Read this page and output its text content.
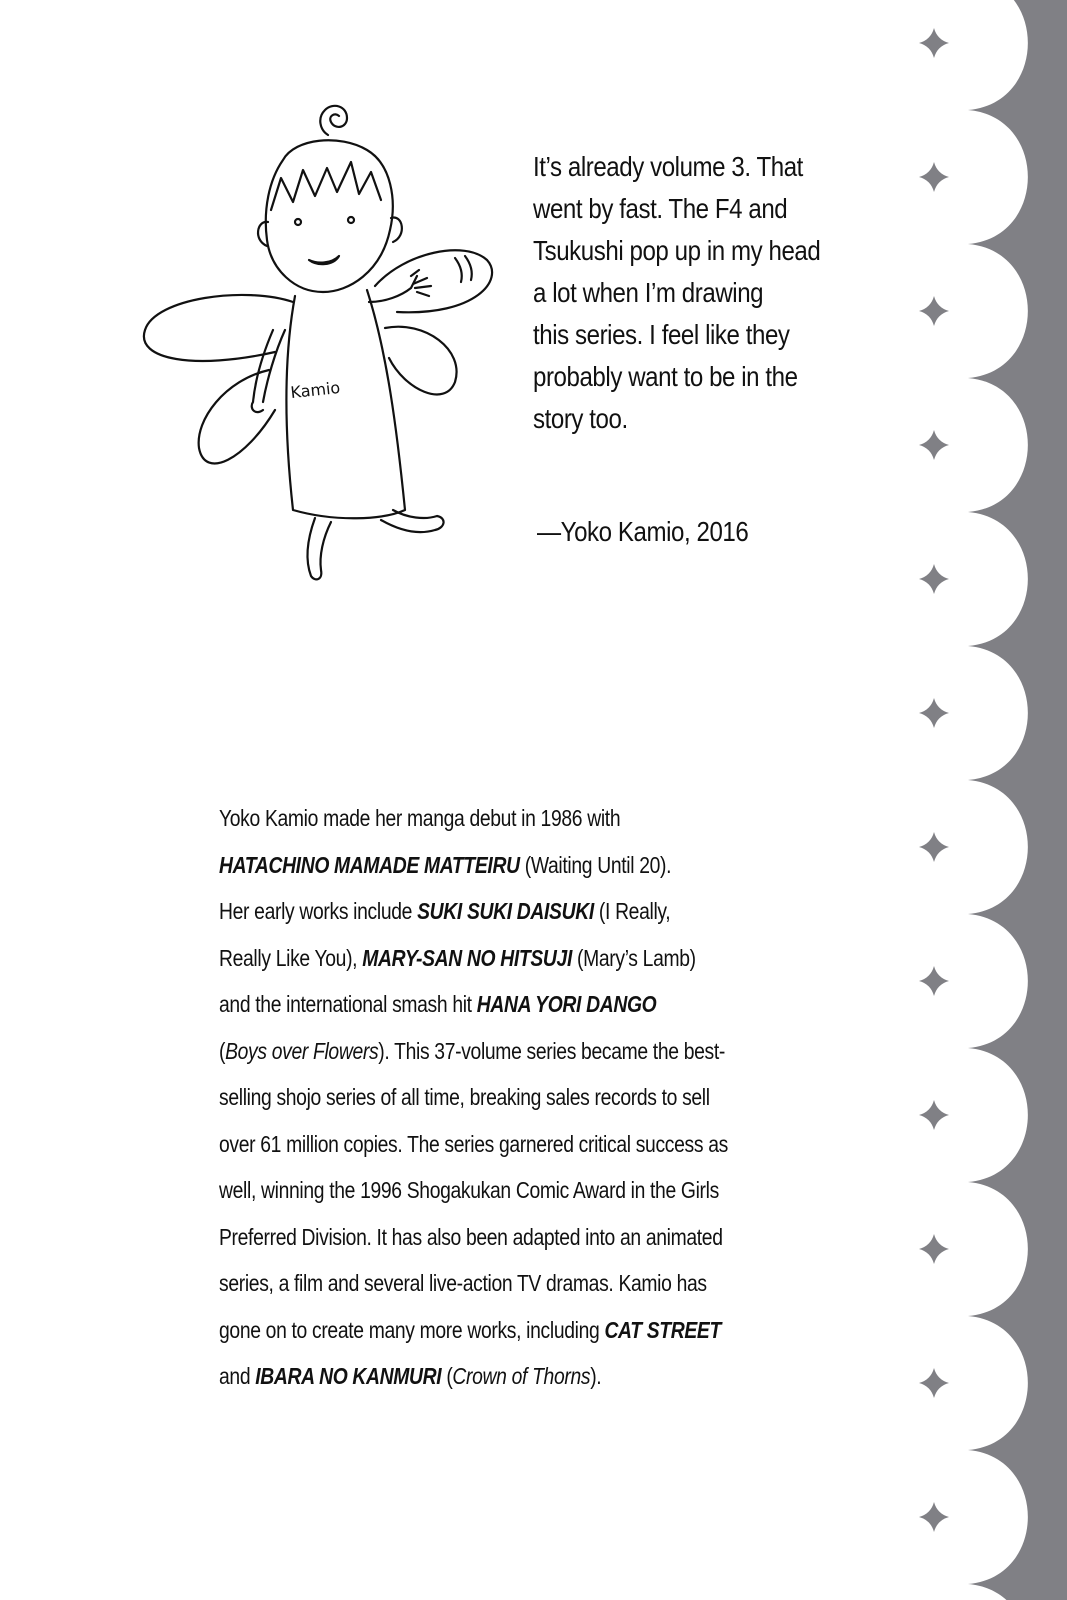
Kamio
It’s already volume 3. That
went by fast. The F4 and
Tsukushi pop up in my head
a lot when I’m drawing
this series. I feel like they
probably want to be in the
story too.
—Yoko Kamio, 2016
Yoko Kamio made her manga debut in 1986 with
HATACHINO MAMADE MATTEIRU (Waiting Until 20).
Her early works include SUKI SUKI DAISUKI (I Really,
Really Like You), MARY-SAN NO HITSUJI (Mary’s Lamb)
and the international smash hit HANA YORI DANGO
(Boys over Flowers). This 37-volume series became the best-
selling shojo series of all time, breaking sales records to sell
over 61 million copies. The series garnered critical success as
well, winning the 1996 Shogakukan Comic Award in the Girls
Preferred Division. It has also been adapted into an animated
series, a film and several live-action TV dramas. Kamio has
gone on to create many more works, including CAT STREET
and IBARA NO KANMURI (Crown of Thorns).
